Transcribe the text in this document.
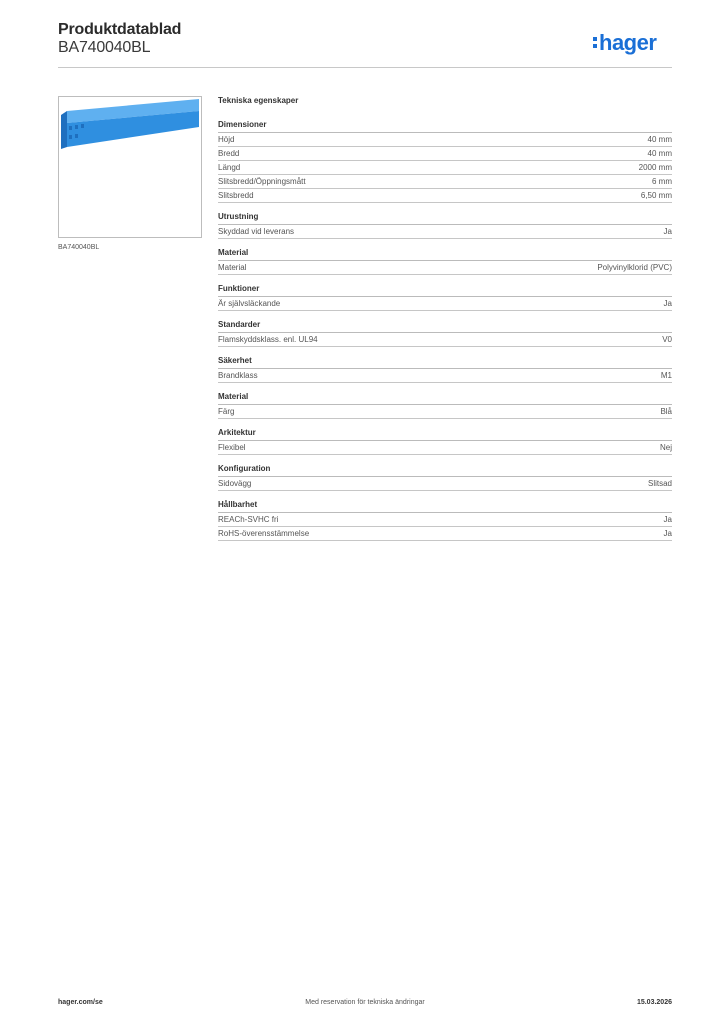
Produktdatablad
BA740040BL	hager
BA740040BL
Tekniska egenskaper
Dimensioner
Höjd	40 mm
Bredd	40 mm
Längd	2000 mm
Slitsbredd/Öppningsmått	6 mm
Slitsbredd	6,50 mm
Utrustning
Skyddad vid leverans	Ja
Material
Material	Polyvinylklorid (PVC)
Funktioner
Är självsläckande	Ja
Standarder
Flamskyddsklass. enl. UL94	V0
Säkerhet
Brandklass	M1
Material
Färg	Blå
Arkitektur
Flexibel	Nej
Konfiguration
Sidovägg	Slitsad
Hållbarhet
REACh-SVHC fri	Ja
RoHS-överensstämmelse	Ja
Med reservation för tekniska ändringar
hager.com/se	15.03.2026
